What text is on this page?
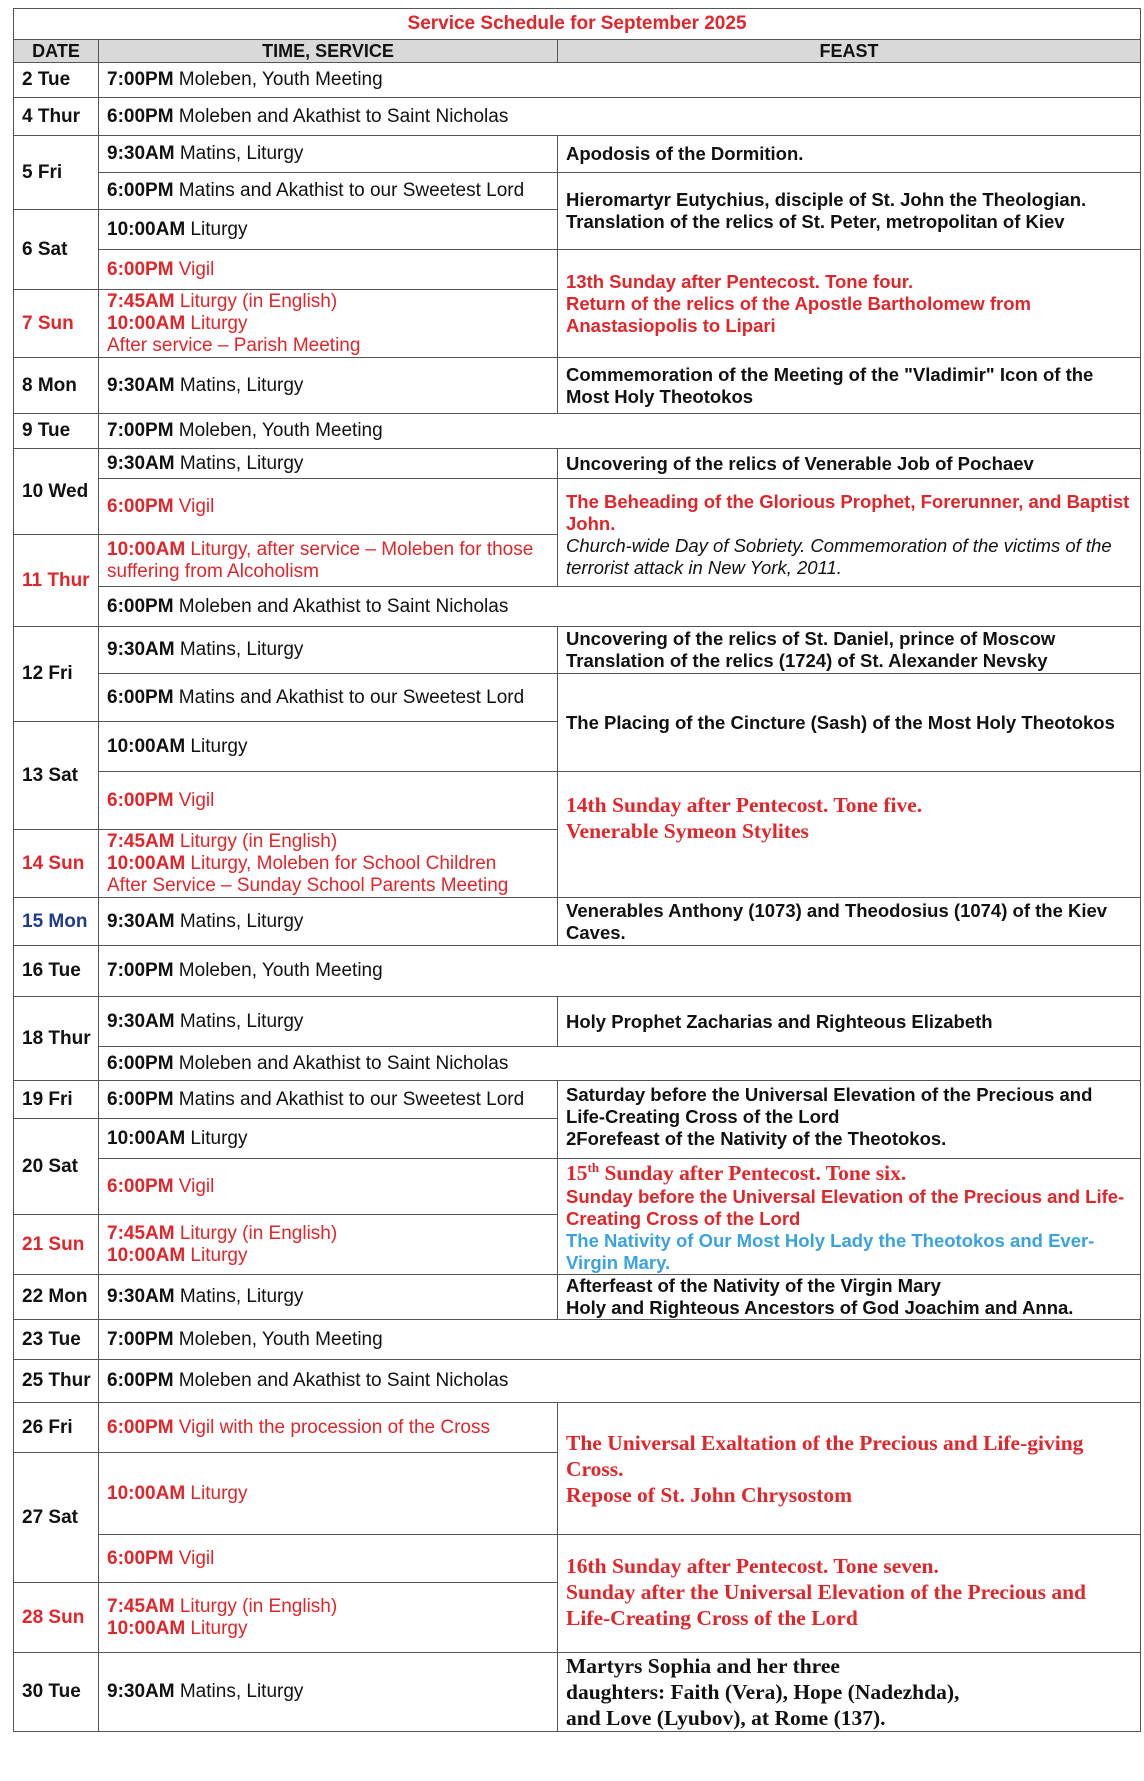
Service Schedule for September 2025		
DATE	TIME, SERVICE	FEAST
2 Tue	7:00PM Moleben, Youth Meeting	
4 Thur	6:00PM Moleben and Akathist to Saint Nicholas	
5 Fri	9:30AM Matins, Liturgy	Apodosis of the Dormition.
	6:00PM Matins and Akathist to our Sweetest Lord	Hieromartyr Eutychius, disciple of St. John the Theologian.
Translation of the relics of St. Peter, metropolitan of Kiev

6 Sat	10:00AM Liturgy	
	6:00PM Vigil	13th Sunday after Pentecost. Tone four.
Return of the relics of the Apostle Bartholomew from Anastasiopolis to Lipari

7 Sun	7:45AM Liturgy (in English)
10:00AM Liturgy
After service – Parish Meeting	

8 Mon	9:30AM Matins, Liturgy	Commemoration of the Meeting of the "Vladimir" Icon of the Most Holy Theotokos
9 Tue	7:00PM Moleben, Youth Meeting	
10 Wed	9:30AM Matins, Liturgy	Uncovering of the relics of Venerable Job of Pochaev
	6:00PM Vigil	The Beheading of the Glorious Prophet, Forerunner, and Baptist John.
Church-wide Day of Sobriety. Commemoration of the victims of the terrorist attack in New York, 2011.

11 Thur	10:00AM Liturgy, after service – Moleben for those suffering from Alcoholism	
	6:00PM Moleben and Akathist to Saint Nicholas	
12 Fri	9:30AM Matins, Liturgy	Uncovering of the relics of St. Daniel, prince of Moscow
Translation of the relics (1724) of St. Alexander Nevsky

	6:00PM Matins and Akathist to our Sweetest Lord	The Placing of the Cincture (Sash) of the Most Holy Theotokos
13 Sat	10:00AM Liturgy	
	6:00PM Vigil	14th Sunday after Pentecost. Tone five.
Venerable Symeon Stylites

14 Sun	7:45AM Liturgy (in English)
10:00AM Liturgy, Moleben for School Children
After Service – Sunday School Parents Meeting	

15 Mon	9:30AM Matins, Liturgy	Venerables Anthony (1073) and Theodosius (1074) of the Kiev Caves.
16 Tue	7:00PM Moleben, Youth Meeting	
18 Thur	9:30AM Matins, Liturgy	Holy Prophet Zacharias and Righteous Elizabeth
	6:00PM Moleben and Akathist to Saint Nicholas	
19 Fri	6:00PM Matins and Akathist to our Sweetest Lord	Saturday before the Universal Elevation of the Precious and Life-Creating Cross of the Lord
2Forefeast of the Nativity of the Theotokos.

20 Sat	10:00AM Liturgy	
	6:00PM Vigil	15th Sunday after Pentecost. Tone six.
Sunday before the Universal Elevation of the Precious and Life-Creating Cross of the Lord
The Nativity of Our Most Holy Lady the Theotokos and Ever-Virgin Mary.

21 Sun	7:45AM Liturgy (in English)
10:00AM Liturgy	

22 Mon	9:30AM Matins, Liturgy	Afterfeast of the Nativity of the Virgin Mary
Holy and Righteous Ancestors of God Joachim and Anna.

23 Tue	7:00PM Moleben, Youth Meeting	
25 Thur	6:00PM Moleben and Akathist to Saint Nicholas	
26 Fri	6:00PM Vigil with the procession of the Cross	The Universal Exaltation of the Precious and Life-giving Cross.
Repose of St. John Chrysostom

27 Sat	10:00AM Liturgy	
	6:00PM Vigil	16th Sunday after Pentecost. Tone seven.
Sunday after the Universal Elevation of the Precious and Life-Creating Cross of the Lord

28 Sun	7:45AM Liturgy (in English)
10:00AM Liturgy	

30 Tue	9:30AM Matins, Liturgy	Martyrs Sophia and her three
daughters: Faith (Vera), Hope (Nadezhda),
and Love (Lyubov), at Rome (137).
